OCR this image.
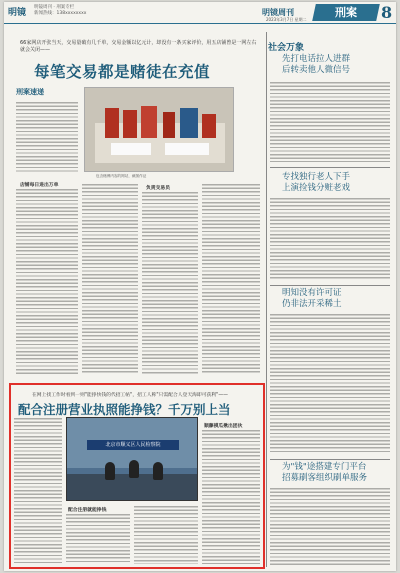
明镜
明镜周刊 · 刑案专栏
新闻热线：138xxxxxxxx	明镜周刊
2023年3月7日 星期二
刑案	8
66家网店开张当天，交易量破有几千单，交易金额以亿元计，却没有一条买家评价，用五店铺曾是一网左右就会关闭——
每笔交易都是赌徒在充值
刑案速递
包含赌博内容的网站，截图作证
店铺每日进出万单
负责交易员
社会万象
先打电话拉人进群
后转卖他人微信号
专找独行老人下手
上演捡钱分赃老戏
明知没有许可证
仍非法开采稀土
为"钱"途搭建专门平台
招募刷客组织刷单服务
在网上找工作时看到一则"能挣快钱的代招工帖"，招工人称"只需配合人登天海即可获利"——
配合注册营业执照能挣钱？千万别上当
北京市顺义区人民检察院
配合注册就能挣钱
顺藤摸瓜揪出团伙
